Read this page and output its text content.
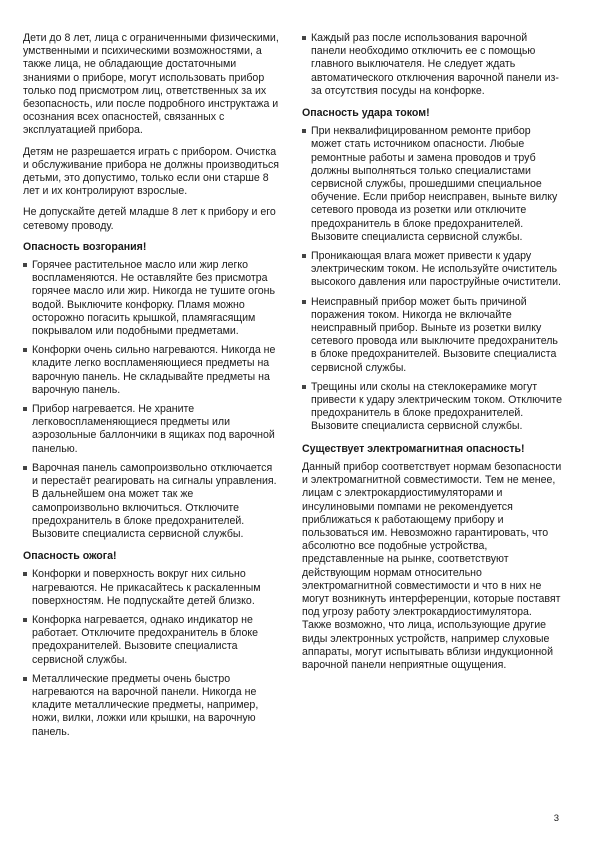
Дети до 8 лет, лица с ограниченными физическими, умственными и психическими возможностями, а также лица, не обладающие достаточными знаниями о приборе, могут использовать прибор только под присмотром лиц, ответственных за их безопасность, или после подробного инструктажа и осознания всех опасностей, связанных с эксплуатацией прибора.

Детям не разрешается играть с прибором. Очистка и обслуживание прибора не должны производиться детьми, это допустимо, только если они старше 8 лет и их контролируют взрослые.

Не допускайте детей младше 8 лет к прибору и его сетевому проводу.

Опасность возгорания!
Горячее растительное масло или жир легко воспламеняются. Не оставляйте без присмотра горячее масло или жир. Никогда не тушите огонь водой. Выключите конфорку. Пламя можно осторожно погасить крышкой, пламягасящим покрывалом или подобными предметами.
Конфорки очень сильно нагреваются. Никогда не кладите легко воспламеняющиеся предметы на варочную панель. Не складывайте предметы на варочную панель.
Прибор нагревается. Не храните легковоспламеняющиеся предметы или аэрозольные баллончики в ящиках под варочной панелью.
Варочная панель самопроизвольно отключается и перестаёт реагировать на сигналы управления. В дальнейшем она может так же самопроизвольно включиться. Отключите предохранитель в блоке предохранителей. Вызовите специалиста сервисной службы.
Опасность ожога!
Конфорки и поверхность вокруг них сильно нагреваются. Не прикасайтесь к раскаленным поверхностям. Не подпускайте детей близко.
Конфорка нагревается, однако индикатор не работает. Отключите предохранитель в блоке предохранителей. Вызовите специалиста сервисной службы.
Металлические предметы очень быстро нагреваются на варочной панели. Никогда не кладите металлические предметы, например, ножи, вилки, ложки или крышки, на варочную панель.
Каждый раз после использования варочной панели необходимо отключить ее с помощью главного выключателя. Не следует ждать автоматического отключения варочной панели из-за отсутствия посуды на конфорке.
Опасность удара током!
При неквалифицированном ремонте прибор может стать источником опасности. Любые ремонтные работы и замена проводов и труб должны выполняться только специалистами сервисной службы, прошедшими специальное обучение. Если прибор неисправен, выньте вилку сетевого провода из розетки или отключите предохранитель в блоке предохранителей. Вызовите специалиста сервисной службы.
Проникающая влага может привести к удару электрическим током. Не используйте очиститель высокого давления или пароструйные очистители.
Неисправный прибор может быть причиной поражения током. Никогда не включайте неисправный прибор. Выньте из розетки вилку сетевого провода или выключите предохранитель в блоке предохранителей. Вызовите специалиста сервисной службы.
Трещины или сколы на стеклокерамике могут привести к удару электрическим током. Отключите предохранитель в блоке предохранителей. Вызовите специалиста сервисной службы.
Существует электромагнитная опасность!

Данный прибор соответствует нормам безопасности и электромагнитной совместимости. Тем не менее, лицам с электрокардиостимуляторами и инсулиновыми помпами не рекомендуется приближаться к работающему прибору и пользоваться им. Невозможно гарантировать, что абсолютно все подобные устройства, представленные на рынке, соответствуют действующим нормам относительно электромагнитной совместимости и что в них не могут возникнуть интерференции, которые поставят под угрозу работу электрокардиостимулятора. Также возможно, что лица, использующие другие виды электронных устройств, например слуховые аппараты, могут испытывать вблизи индукционной варочной панели неприятные ощущения.

3
